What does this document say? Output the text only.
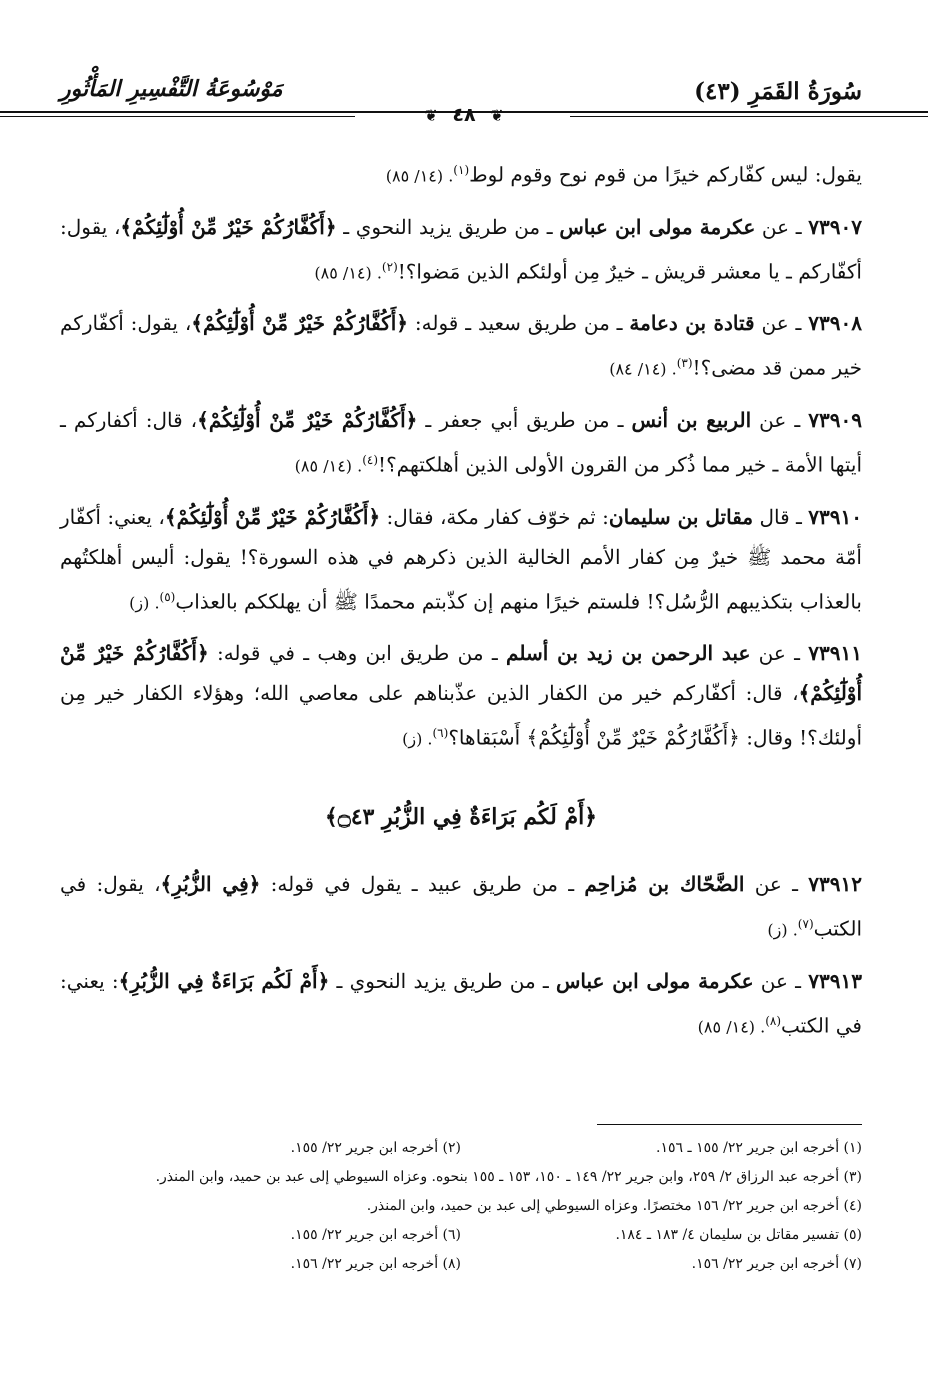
سُورَةُ القَمَرِ (٤٣)
مَوْسُوعَةُ التَّفْسِيرِ المَأْثُورِ
❦ ٤٨ ❦

يقول: ليس كفّاركم خيرًا من قوم نوح وقوم لوط$^{(١)}$. (١٤/ ٨٥)

٧٣٩٠٧ ـ عن عكرمة مولى ابن عباس ـ من طريق يزيد النحوي ـ ﴿أَكُفَّارُكُمْ خَيْرٌ مِّنْ أُوْلَٰٓئِكُمْ﴾، يقول: أكفّاركم ـ يا معشر قريش ـ خيرٌ مِن أولئكم الذين مَضوا؟!$^{(٢)}$. (١٤/ ٨٥)

٧٣٩٠٨ ـ عن قتادة بن دعامة ـ من طريق سعيد ـ قوله: ﴿أَكُفَّارُكُمْ خَيْرٌ مِّنْ أُوْلَٰٓئِكُمْ﴾، يقول: أكفّاركم خير ممن قد مضى؟!$^{(٣)}$. (١٤/ ٨٤)

٧٣٩٠٩ ـ عن الربيع بن أنس ـ من طريق أبي جعفر ـ ﴿أَكُفَّارُكُمْ خَيْرٌ مِّنْ أُوْلَٰٓئِكُمْ﴾، قال: أكفاركم ـ أيتها الأمة ـ خير مما ذُكر من القرون الأولى الذين أهلكتهم؟!$^{(٤)}$. (١٤/ ٨٥)

٧٣٩١٠ ـ قال مقاتل بن سليمان: ثم خوّف كفار مكة، فقال: ﴿أَكُفَّارُكُمْ خَيْرٌ مِّنْ أُوْلَٰٓئِكُمْ﴾، يعني: أكفّار أمّة محمد ﷺ خيرٌ مِن كفار الأمم الخالية الذين ذكرهم في هذه السورة؟! يقول: أليس أهلكتُهم بالعذاب بتكذيبهم الرُّسُل؟! فلستم خيرًا منهم إن كذّبتم محمدًا ﷺ أن يهلككم بالعذاب$^{(٥)}$. (ز)

٧٣٩١١ ـ عن عبد الرحمن بن زيد بن أسلم ـ من طريق ابن وهب ـ في قوله: ﴿أَكُفَّارُكُمْ خَيْرٌ مِّنْ أُوْلَٰٓئِكُمْ﴾، قال: أكفّاركم خير من الكفار الذين عذّبناهم على معاصي الله؛ وهؤلاء الكفار خير مِن أولئك؟! وقال: ﴿أَكُفَّارُكُمْ خَيْرٌ مِّنْ أُوْلَٰٓئِكُمْ﴾ أَسْبَقاها؟$^{(٦)}$. (ز)

﴿أَمْ لَكُم بَرَاءَةٌ فِي الزُّبُرِ ۝٤٣﴾

٧٣٩١٢ ـ عن الضَّحّاك بن مُزاحِم ـ من طريق عبيد ـ يقول في قوله: ﴿فِي الزُّبُرِ﴾، يقول: في الكتب$^{(٧)}$. (ز)

٧٣٩١٣ ـ عن عكرمة مولى ابن عباس ـ من طريق يزيد النحوي ـ ﴿أَمْ لَكُم بَرَاءَةٌ فِي الزُّبُرِ﴾: يعني: في الكتب$^{(٨)}$. (١٤/ ٨٥)

(١) أخرجه ابن جرير ٢٢/ ١٥٥ ـ ١٥٦.
(٢) أخرجه ابن جرير ٢٢/ ١٥٥.
(٣) أخرجه عبد الرزاق ٢/ ٢٥٩، وابن جرير ٢٢/ ١٤٩ ـ ١٥٠، ١٥٣ ـ ١٥٥ بنحوه. وعزاه السيوطي إلى عبد بن حميد، وابن المنذر.
(٤) أخرجه ابن جرير ٢٢/ ١٥٦ مختصرًا. وعزاه السيوطي إلى عبد بن حميد، وابن المنذر.
(٥) تفسير مقاتل بن سليمان ٤/ ١٨٣ ـ ١٨٤.
(٦) أخرجه ابن جرير ٢٢/ ١٥٥.
(٧) أخرجه ابن جرير ٢٢/ ١٥٦.
(٨) أخرجه ابن جرير ٢٢/ ١٥٦.
